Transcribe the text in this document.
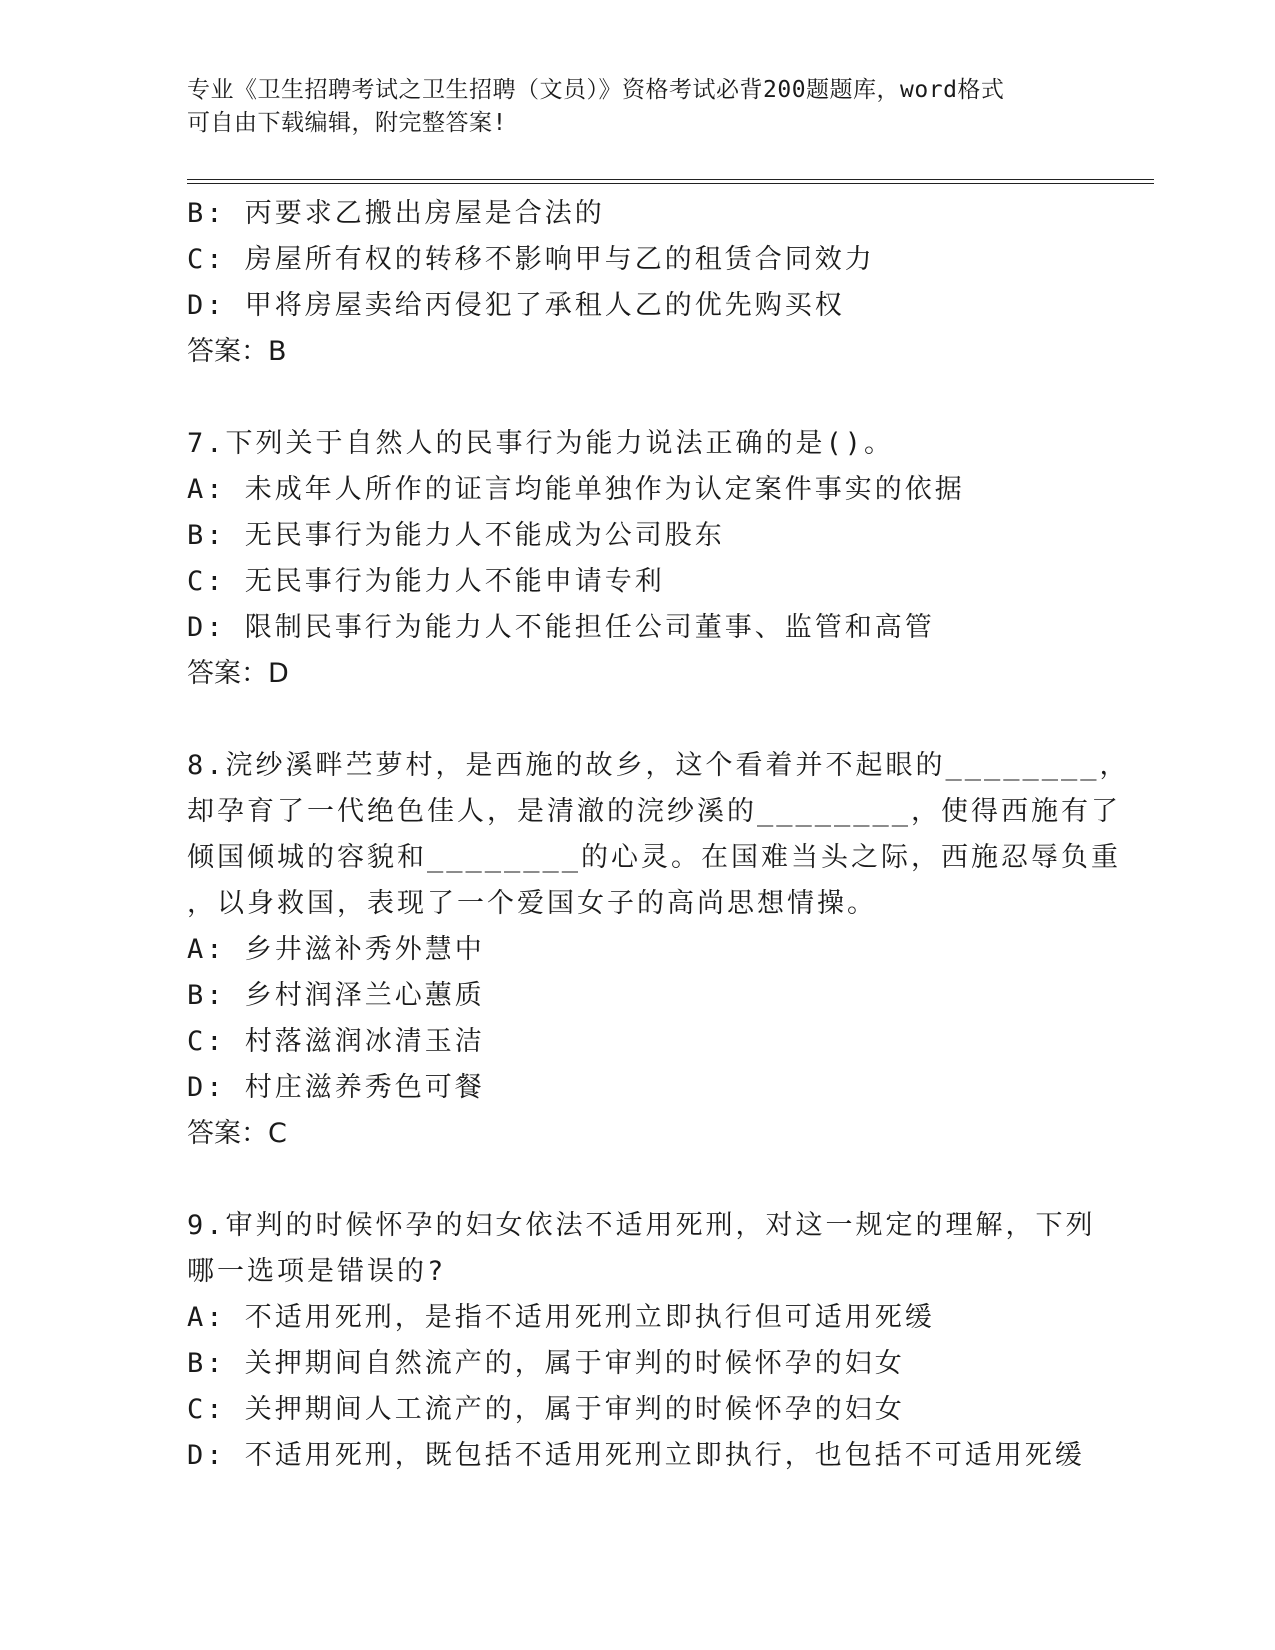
专业《卫生招聘考试之卫生招聘（文员）》资格考试必背200题题库，word格式
可自由下载编辑，附完整答案!
B: 丙要求乙搬出房屋是合法的
C: 房屋所有权的转移不影响甲与乙的租赁合同效力
D: 甲将房屋卖给丙侵犯了承租人乙的优先购买权
答案：B
7.下列关于自然人的民事行为能力说法正确的是()。
A: 未成年人所作的证言均能单独作为认定案件事实的依据
B: 无民事行为能力人不能成为公司股东
C: 无民事行为能力人不能申请专利
D: 限制民事行为能力人不能担任公司董事、监管和高管
答案：D
8.浣纱溪畔苎萝村，是西施的故乡，这个看着并不起眼的________，
却孕育了一代绝色佳人，是清澈的浣纱溪的________，使得西施有了
倾国倾城的容貌和________的心灵。在国难当头之际，西施忍辱负重
，以身救国，表现了一个爱国女子的高尚思想情操。
A: 乡井滋补秀外慧中
B: 乡村润泽兰心蕙质
C: 村落滋润冰清玉洁
D: 村庄滋养秀色可餐
答案：C
9.审判的时候怀孕的妇女依法不适用死刑，对这一规定的理解，下列
哪一选项是错误的?
A: 不适用死刑，是指不适用死刑立即执行但可适用死缓
B: 关押期间自然流产的，属于审判的时候怀孕的妇女
C: 关押期间人工流产的，属于审判的时候怀孕的妇女
D: 不适用死刑，既包括不适用死刑立即执行，也包括不可适用死缓
